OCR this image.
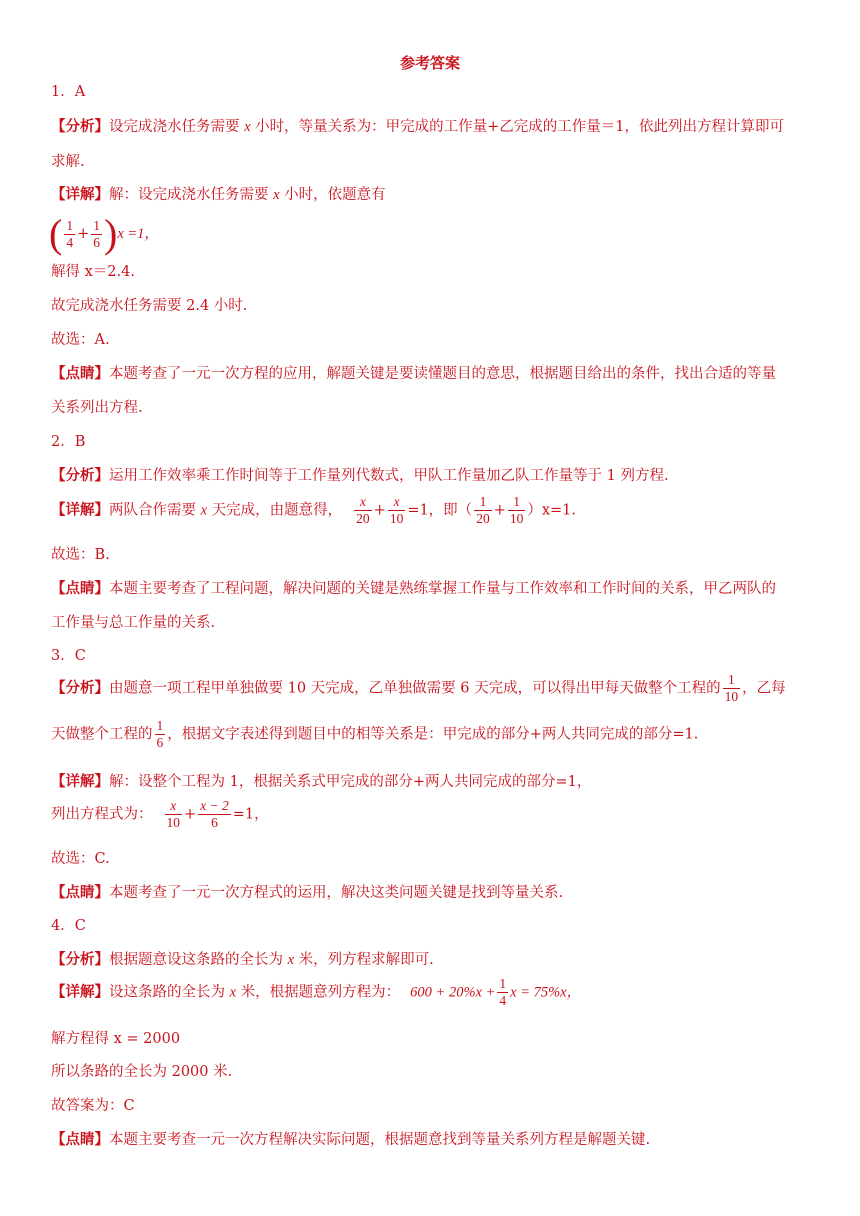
参考答案
1．A
【分析】设完成浇水任务需要 x 小时，等量关系为：甲完成的工作量+乙完成的工作量＝1，依此列出方程计算即可
求解.
【详解】解：设完成浇水任务需要 x 小时，依题意有
( $\frac{1}{4} + \frac{1}{6} )x =1$，
解得 x＝2.4.
故完成浇水任务需要 2.4 小时.
故选：A.
【点睛】本题考查了一元一次方程的应用，解题关键是要读懂题目的意思，根据题目给出的条件，找出合适的等量
关系列出方程.
2．B
【分析】运用工作效率乘工作时间等于工作量列代数式，甲队工作量加乙队工作量等于 1 列方程.
【详解】两队合作需要 x 天完成，由题意得， $\frac{x}{20} + \frac{x}{10} =1$，即（ $\frac{1}{20} + \frac{1}{10} )x=1$.
故选：B.
【点睛】本题主要考查了工程问题，解决问题的关键是熟练掌握工作量与工作效率和工作时间的关系，甲乙两队的
工作量与总工作量的关系.
3．C
【分析】由题意一项工程甲单独做要 10 天完成，乙单独做需要 6 天完成，可以得出甲每天做整个工程的 $\frac{1}{10}$ ，乙每
天做整个工程的 $\frac{1}{6}$ ，根据文字表述得到题目中的相等关系是：甲完成的部分+两人共同完成的部分=1.
【详解】解：设整个工程为 1，根据关系式甲完成的部分+两人共同完成的部分=1，
列出方程式为： $\frac{x}{10} + \frac{x - 2}{6} =1$，
故选：C.
【点睛】本题考查了一元一次方程式的运用，解决这类问题关键是找到等量关系.
4．C
【分析】根据题意设这条路的全长为 x 米，列方程求解即可.
【详解】设这条路的全长为 x 米，根据题意列方程为： $600 + 20\%x + \frac{1}{4}$ x = 75%x，
解方程得 x = 2000
所以条路的全长为 2000 米.
故答案为：C
【点睛】本题主要考查一元一次方程解决实际问题，根据题意找到等量关系列方程是解题关键.
